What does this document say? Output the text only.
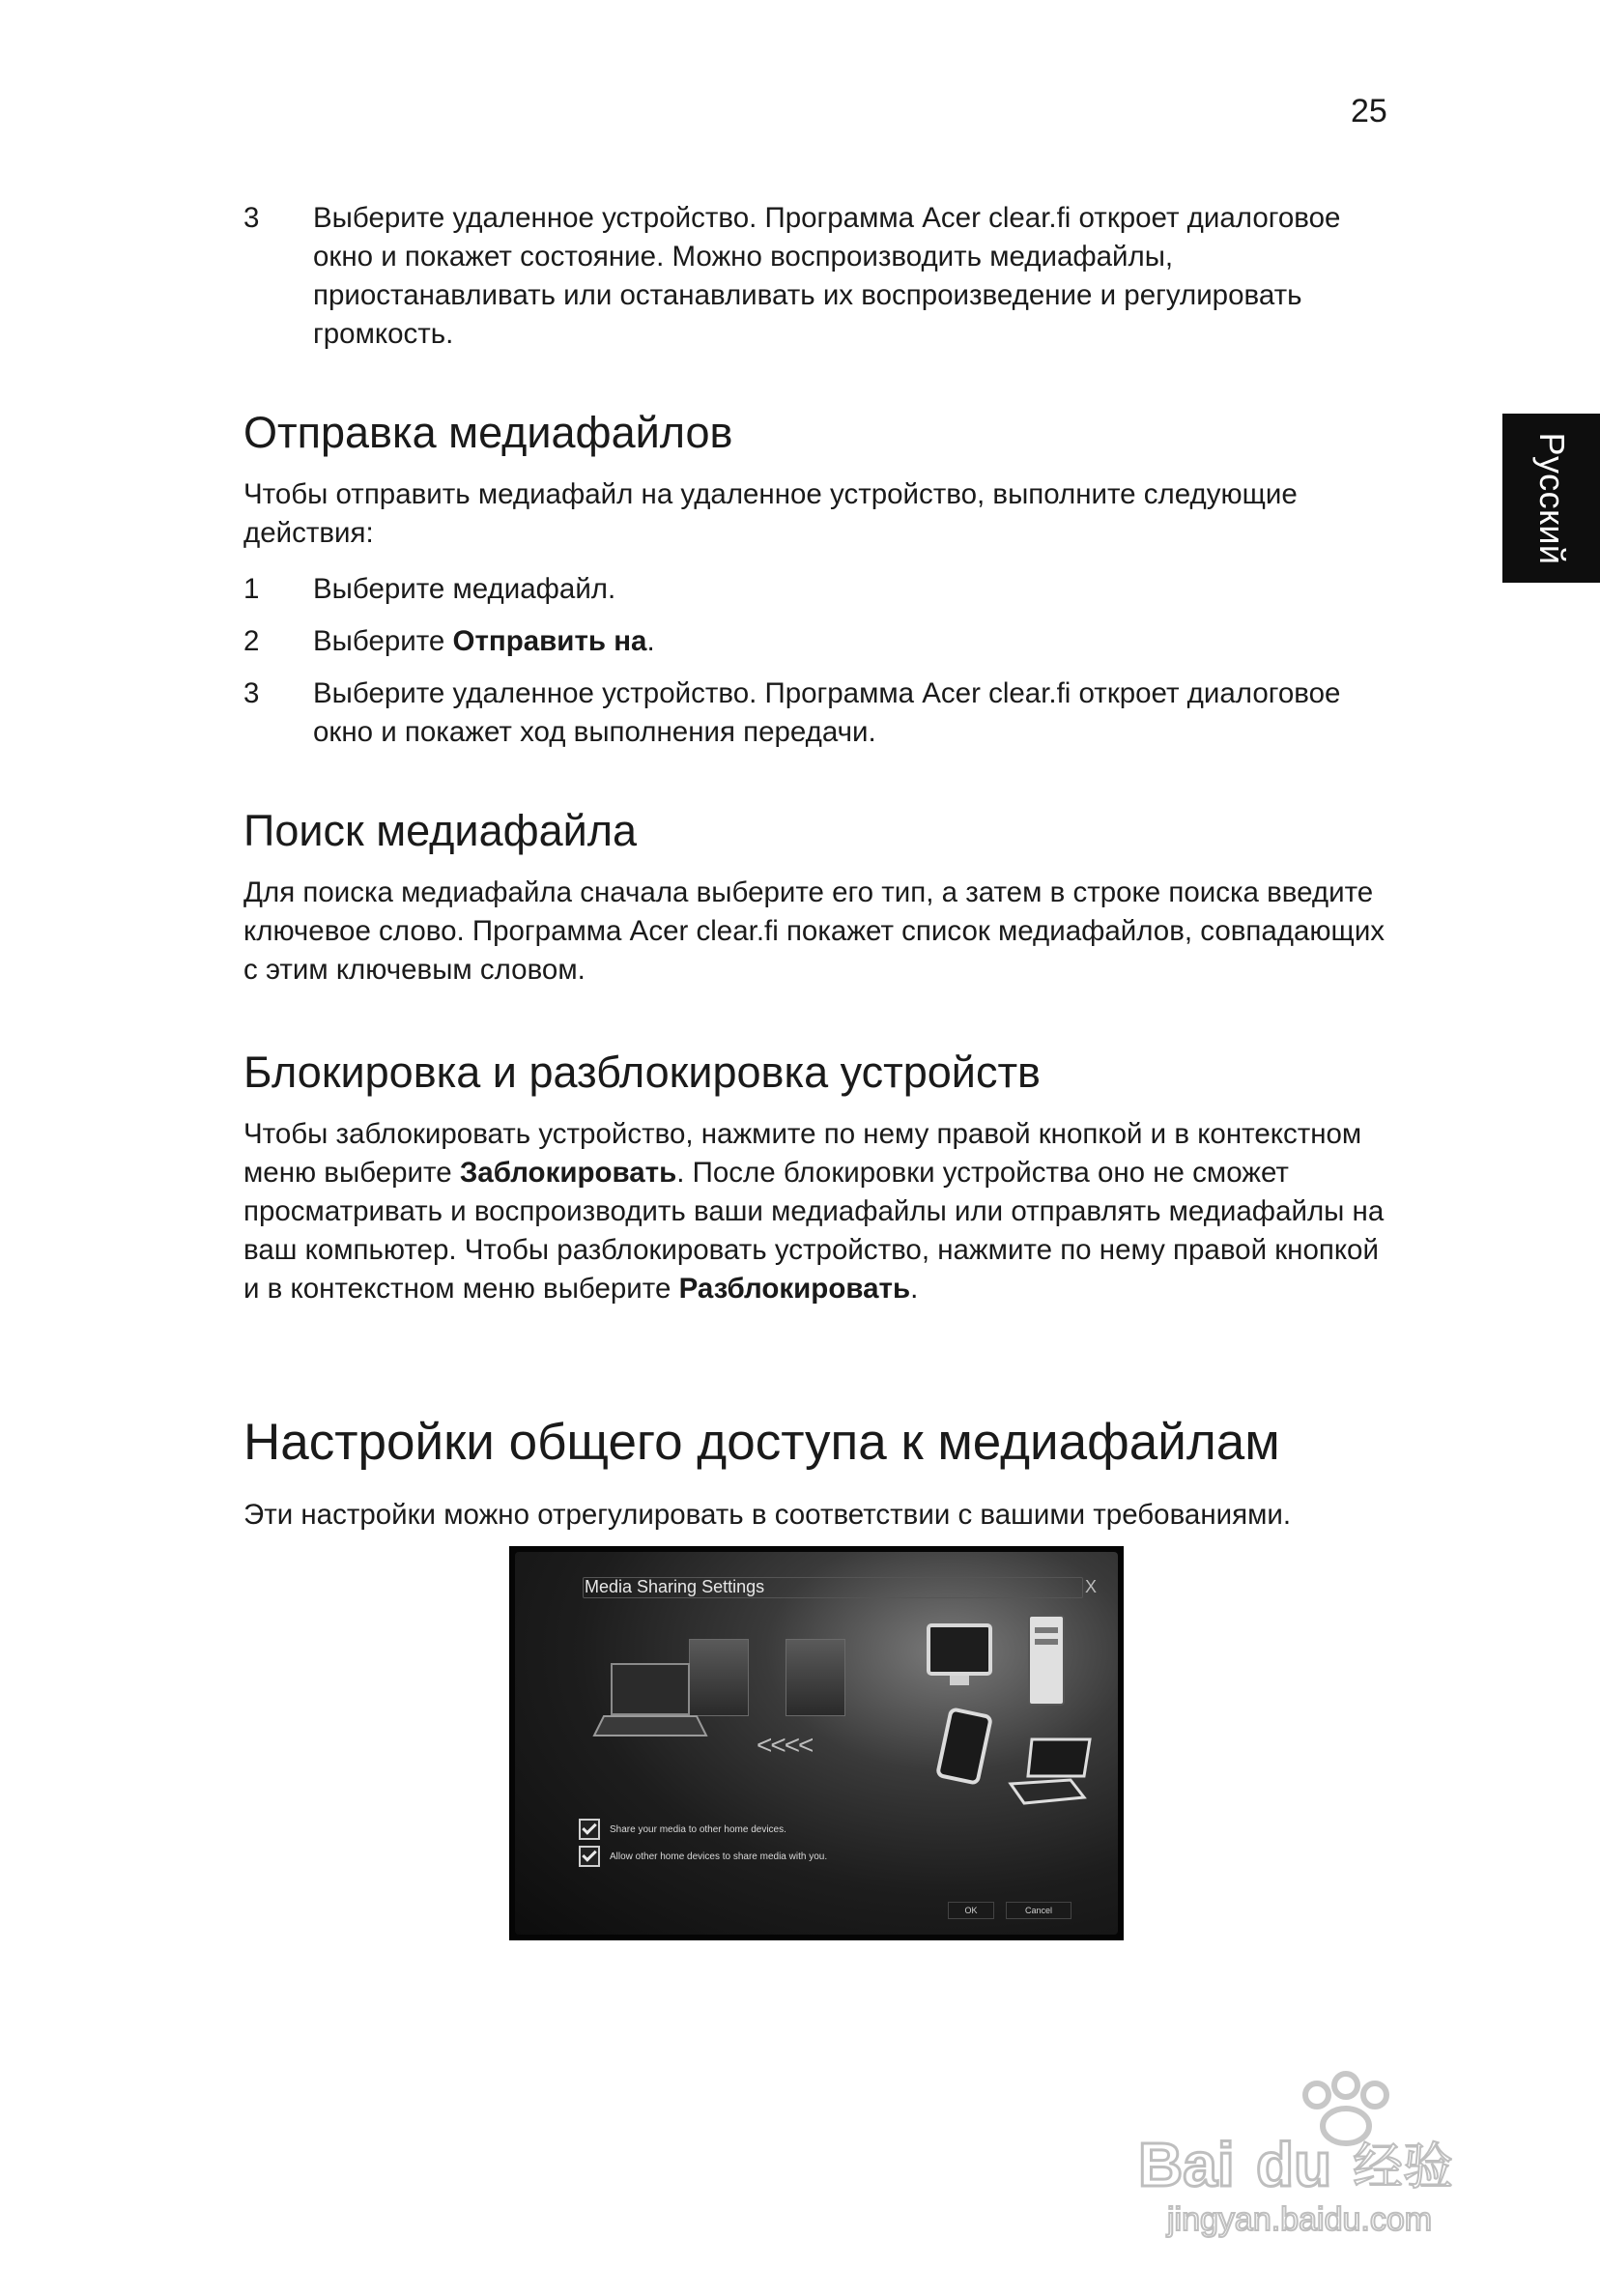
25
Русский
3	Выберите удаленное устройство. Программа Acer clear.fi откроет диалоговое окно и покажет состояние. Можно воспроизводить медиафайлы, приостанавливать или останавливать их воспроизведение и регулировать громкость.
Отправка медиафайлов

Чтобы отправить медиафайл на удаленное устройство, выполните следующие действия:

1	Выберите медиафайл.
2	Выберите Отправить на.
3	Выберите удаленное устройство. Программа Acer clear.fi откроет диалоговое окно и покажет ход выполнения передачи.
Поиск медиафайла

Для поиска медиафайла сначала выберите его тип, а затем в строке поиска введите ключевое слово. Программа Acer clear.fi покажет список медиафайлов, совпадающих с этим ключевым словом.

Блокировка и разблокировка устройств

Чтобы заблокировать устройство, нажмите по нему правой кнопкой и в контекстном меню выберите Заблокировать. После блокировки устройства оно не сможет просматривать и воспроизводить ваши медиафайлы или отправлять медиафайлы на ваш компьютер. Чтобы разблокировать устройство, нажмите по нему правой кнопкой и в контекстном меню выберите Разблокировать.

Настройки общего доступа к медиафайлам

Эти настройки можно отрегулировать в соответствии с вашими требованиями.

Media Sharing Settings	X
<<<<
Share your media to other home devices.
Allow other home devices to share media with you.
OK	Cancel
Bai du 经验
jingyan.baidu.com
